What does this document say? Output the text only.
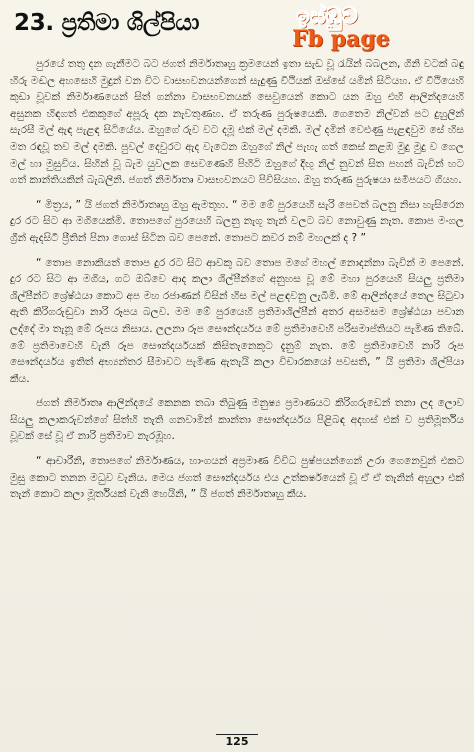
23. ප්‍රතිමා ශිල්පියා	ඉස්ඹුව
Fb page

පුරයේ තතු දන ගැනීමට බට ජගත් නිර්මාතෘහු ක්‍රමයෙන් ඉතා සැඩ වූ රැයින් බබලන, ගිනි වටක් බඳු හිරු මඬල අහසෙහි මුදුන් වන විට වාසභවනයන්ගෙන් සැදුණු වීථියක් ඔස්සේ යමින් සිටියහ. ඒ වීථියෙහි කුඩා වූවක් නිර්මාණයෙන් සිත් ගන්නා වාසභවනයක් සෙවුයෙන් කොට යන ඔහු එහි ආලින්දයෙහි අසුනක හිඳගත් එකකුගේ අපූරු දක නැවතුණහ. ඒ තරුණ පුරුෂයෙකි. ගෙතෙම නිල්වන් පට දුහුලින් සැරසී මල් ඇඳ පැළඳ සිටියේය. ඔහුගේ රුව වට දමූ එක් මල් දමකි. මල් දමින් වෙළුණු පැළඳවුම සේ හිස මත රඳවූ තව මල් දමකි. පුවල් දෙවුරට ඇද වැටෙන ඔහුගේ නිල් පැහැ ගත් කෙස් කළඹ මුදු මුදු ව ගෙල මල් හා මුසුවිය. සිහින් වූ බැම යුවලක සෙවණෙහි පිහිටි ඔහුගේ දිඟු නිල් නුවන් සිත පහන් බැවින් හට ගත් කාන්තියකින් බැබලිනි. ජගත් නිර්මාතෘ වාසභවනයට පිවිසියහ. ඔහු තරුණ පුරුෂයා සමීපයට ගියහ.

“ මිත්‍රය, ” යි ජගත් නිර්මාතෘහු ඔහු ඇමතූහ. “ මම මේ පුරයෙහි සැරි පෙවත් බලනු නිසා හැසිරෙන දුර රට සිට ආ මගියෙක්මි. තොපගේ පුරයෙහි බලනු නැගූ තැන් වලට බව නොවුණු නැත. කොප මංගල ග්‍රීන් ඇදසිටී ප්‍රීතින් පිනා ගොස් සිටින බව පෙනේ. තොපට කවර නම් මහලක් ද ? ”

“ තොප නොකියත් තොප දුර රට සිට ආවකු බව තොප මගේ මහල් නොදන්නා බැවින් ම පෙනේ. දුර රට සිට ආ මගිය, ගට ඔබ්වෙ ආද කලා ශිල්පීන්ගේ අනුහස වූ මේ මහා පුරයෙහි සියලු ප්‍රතිමා ශිල්පීන්ට ශ්‍රේෂ්ඨයා කොට අප මහ රජාණන් විසින් හිස මල් පළඳවනු ලැබීමි. මේ ආලින්දයේ තෙල සිටුවා ඇති කිරිගරුඬුවා නාරි රූපය බලව. මම මේ පුරයෙහි ප්‍රතිමාශිල්පීන් අතර අසමසම ශ්‍රේෂ්ඨයා පවාන ලද්දේ මා තැනූ මේ රූපය නිසාය. ලලනා රූප සෞන්දර්යය මේ ප්‍රතිමාවෙහි පරිසමාප්තියට පැමිණ තිබේ. මේ ප්‍රතිමාවෙහි වැනි රූප සෞන්දර්යයක් කිසිතැනෙකුට දැනුම් නැත. මේ ප්‍රතිමාවෙහි නාරි රූප සෞන්දර්යය ඉතිත් අභ්‍යන්තර සීමාවට පැමිණ ඇතැයි කලා විචාරකයෝ පවසති, ” යි ප්‍රතිමා ශිල්පියා කීය.

ජගත් නිර්මාතෘ ආලින්දයේ කෙනක තබා තිබුණු මනුෂ්‍ය ප්‍රමාණයට කිරිගරුඩෙන් තනා ලද ලොව සියලු කලාකරුවන්ගේ සිත්හි තැති ගනවාමින් කාන්තා සෞන්දර්යය පිළිබඳ අදහස් එක් ව ප්‍රතිමූර්තිය වූවක් සේ වූ ඒ නාරි ප්‍රතිමාව නැරඹූහ.

“ ආචාරීනි, තොපගේ නිර්මාණය, හාංගයන් අප්‍රමාණ විවිධ පුෂ්පයන්ගෙන් උරා ගෙනෙවුන් එකට මුසු කොට තනන මධුව වැනිය. මෙය ජගත් සෞන්දර්යය එය උත්කර්ෂයෙන් වූ ඒ ඒ තැනින් අහුලා එක් තැන් කොට කලා මූර්තියක් වැනි හෙයිනි, ” යි ජගත් නිර්මාතෘහු කීය.

125
